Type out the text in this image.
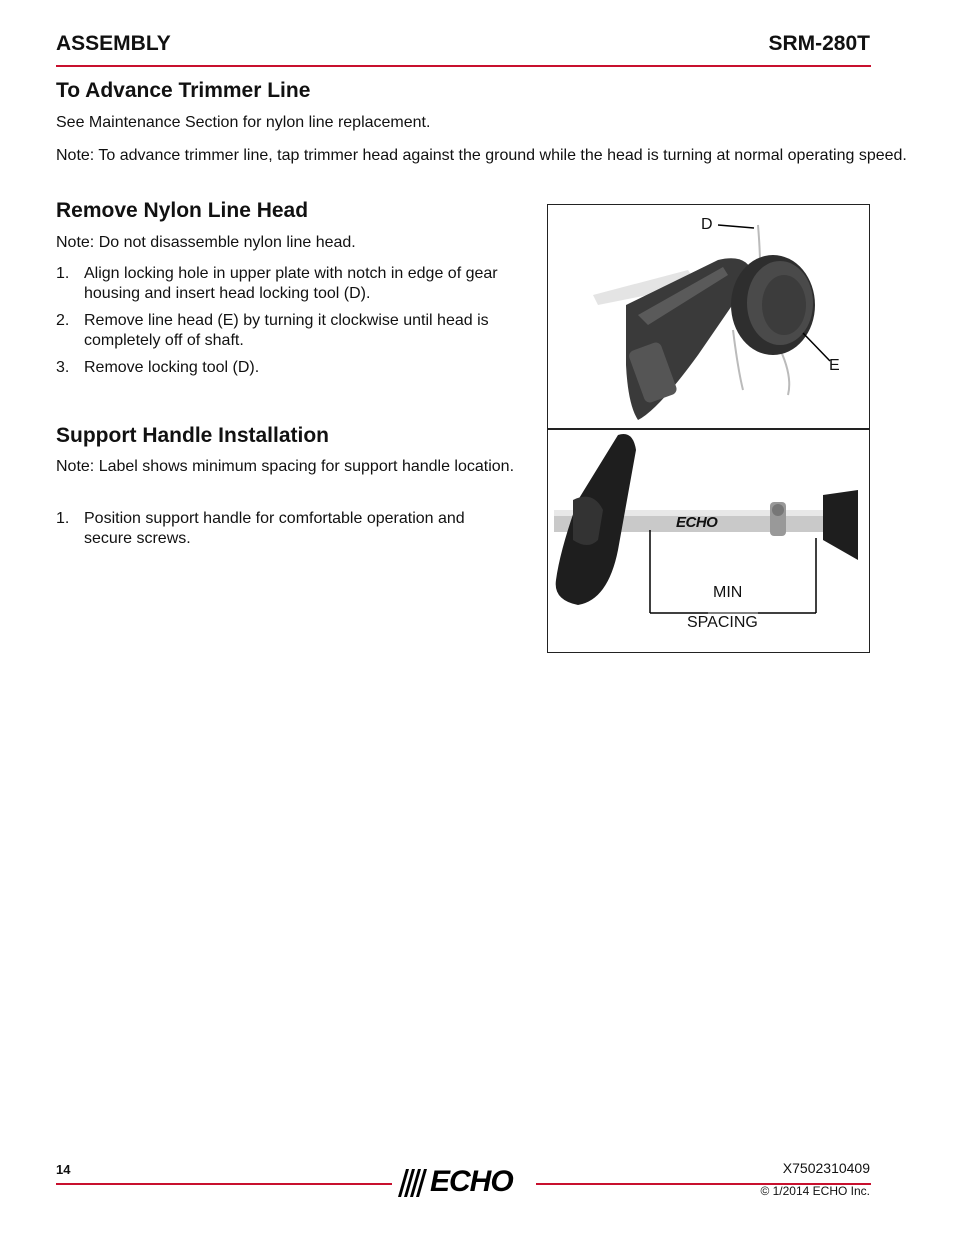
ASSEMBLY	SRM-280T
To Advance Trimmer Line
See Maintenance Section for nylon line replacement.
Note: To advance trimmer line, tap trimmer head against the ground while the head is turning at normal operating speed.
Remove Nylon Line Head
Note: Do not disassemble nylon line head.
1. Align locking hole in upper plate with notch in edge of gear housing and insert head locking tool (D).
2. Remove line head (E) by turning it clockwise until head is completely off of shaft.
3. Remove locking tool (D).
Support Handle Installation
Note: Label shows minimum spacing for support handle location.
1. Position support handle for comfortable operation and secure screws.
D
E
ECHO
MIN
SPACING
14	ECHO	X7502310409
© 1/2014 ECHO Inc.
